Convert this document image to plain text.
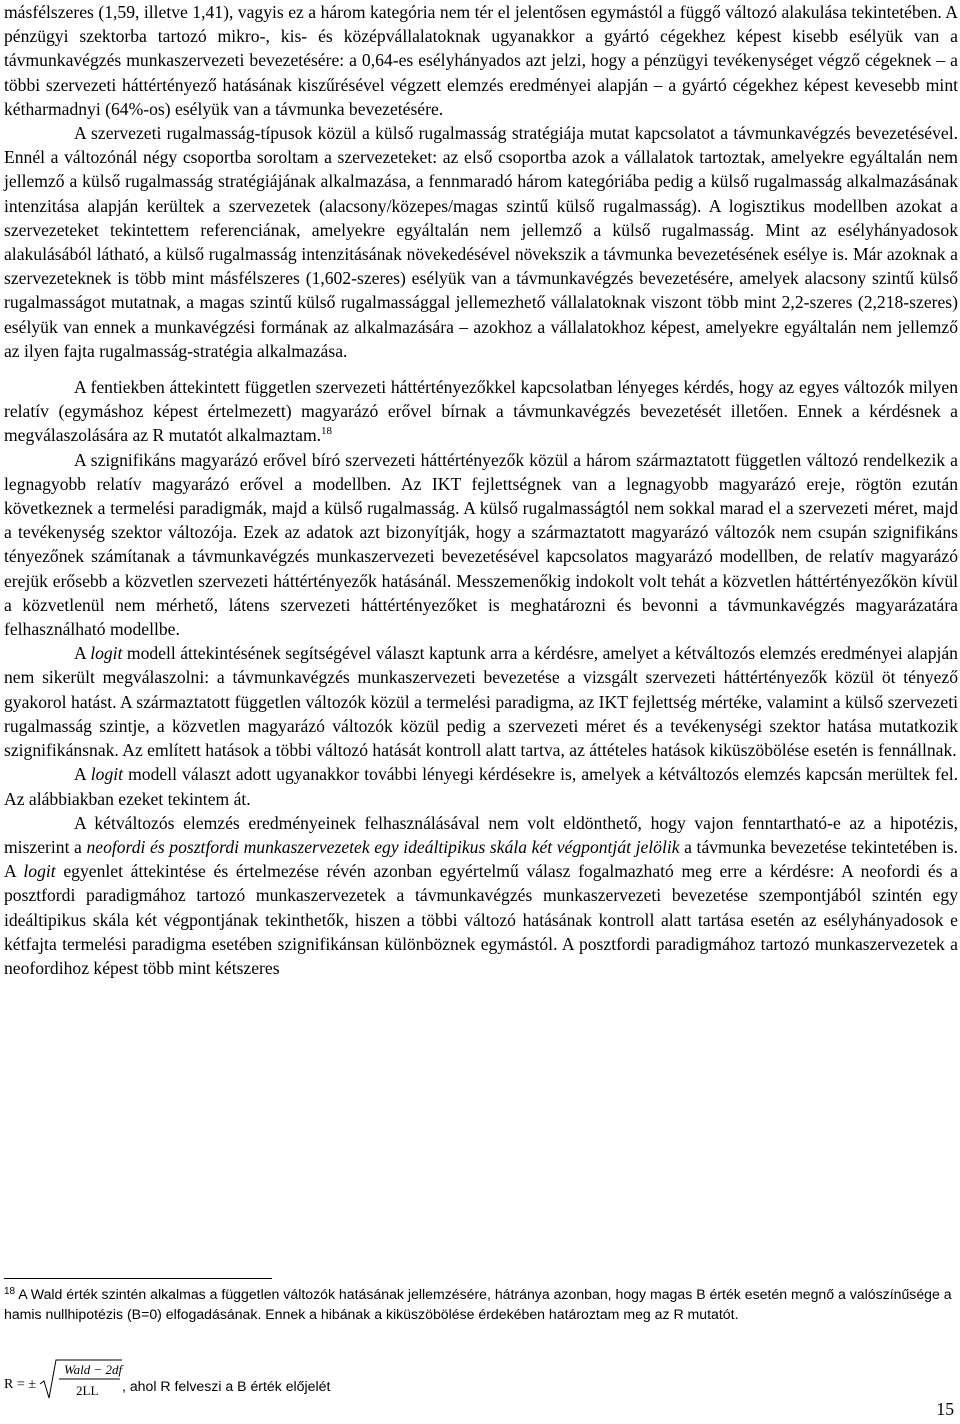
másfélszeres (1,59, illetve 1,41), vagyis ez a három kategória nem tér el jelentősen egymástól a függő változó alakulása tekintetében. A pénzügyi szektorba tartozó mikro-, kis- és középvállalatoknak ugyanakkor a gyártó cégekhez képest kisebb esélyük van a távmunkavégzés munkaszervezeti bevezetésére: a 0,64-es esélyhányados azt jelzi, hogy a pénzügyi tevékenységet végző cégeknek – a többi szervezeti háttértényező hatásának kiszűrésével végzett elemzés eredményei alapján – a gyártó cégekhez képest kevesebb mint kétharmadnyi (64%-os) esélyük van a távmunka bevezetésére.

A szervezeti rugalmasság-típusok közül a külső rugalmasság stratégiája mutat kapcsolatot a távmunkavégzés bevezetésével. Ennél a változónál négy csoportba soroltam a szervezeteket: az első csoportba azok a vállalatok tartoztak, amelyekre egyáltalán nem jellemző a külső rugalmasság stratégiájának alkalmazása, a fennmaradó három kategóriába pedig a külső rugalmasság alkalmazásának intenzitása alapján kerültek a szervezetek (alacsony/közepes/magas szintű külső rugalmasság). A logisztikus modellben azokat a szervezeteket tekintettem referenciának, amelyekre egyáltalán nem jellemző a külső rugalmasság. Mint az esélyhányadosok alakulásából látható, a külső rugalmasság intenzitásának növekedésével növekszik a távmunka bevezetésének esélye is. Már azoknak a szervezeteknek is több mint másfélszeres (1,602-szeres) esélyük van a távmunkavégzés bevezetésére, amelyek alacsony szintű külső rugalmasságot mutatnak, a magas szintű külső rugalmassággal jellemezhető vállalatoknak viszont több mint 2,2-szeres (2,218-szeres) esélyük van ennek a munkavégzési formának az alkalmazására – azokhoz a vállalatokhoz képest, amelyekre egyáltalán nem jellemző az ilyen fajta rugalmasság-stratégia alkalmazása.

A fentiekben áttekintett független szervezeti háttértényezőkkel kapcsolatban lényeges kérdés, hogy az egyes változók milyen relatív (egymáshoz képest értelmezett) magyarázó erővel bírnak a távmunkavégzés bevezetését illetően. Ennek a kérdésnek a megválaszolására az R mutatót alkalmaztam.$^{18}$

A szignifikáns magyarázó erővel bíró szervezeti háttértényezők közül a három származtatott független változó rendelkezik a legnagyobb relatív magyarázó erővel a modellben. Az IKT fejlettségnek van a legnagyobb magyarázó ereje, rögtön ezután következnek a termelési paradigmák, majd a külső rugalmasság. A külső rugalmasságtól nem sokkal marad el a szervezeti méret, majd a tevékenység szektor változója. Ezek az adatok azt bizonyítják, hogy a származtatott magyarázó változók nem csupán szignifikáns tényezőnek számítanak a távmunkavégzés munkaszervezeti bevezetésével kapcsolatos magyarázó modellben, de relatív magyarázó erejük erősebb a közvetlen szervezeti háttértényezők hatásánál. Messzemenőkig indokolt volt tehát a közvetlen háttértényezőkön kívül a közvetlenül nem mérhető, látens szervezeti háttértényezőket is meghatározni és bevonni a távmunkavégzés magyarázatára felhasználható modellbe.

A logit modell áttekintésének segítségével választ kaptunk arra a kérdésre, amelyet a kétváltozós elemzés eredményei alapján nem sikerült megválaszolni: a távmunkavégzés munkaszervezeti bevezetése a vizsgált szervezeti háttértényezők közül öt tényező gyakorol hatást. A származtatott független változók közül a termelési paradigma, az IKT fejlettség mértéke, valamint a külső szervezeti rugalmasság szintje, a közvetlen magyarázó változók közül pedig a szervezeti méret és a tevékenységi szektor hatása mutatkozik szignifikánsnak. Az említett hatások a többi változó hatását kontroll alatt tartva, az áttételes hatások kiküszöbölése esetén is fennállnak.

A logit modell választ adott ugyanakkor további lényegi kérdésekre is, amelyek a kétváltozós elemzés kapcsán merültek fel. Az alábbiakban ezeket tekintem át.

A kétváltozós elemzés eredményeinek felhasználásával nem volt eldönthető, hogy vajon fenntartható-e az a hipotézis, miszerint a neofordi és posztfordi munkaszervezetek egy ideáltipikus skála két végpontját jelölik a távmunka bevezetése tekintetében is. A logit egyenlet áttekintése és értelmezése révén azonban egyértelmű válasz fogalmazható meg erre a kérdésre: A neofordi és a posztfordi paradigmához tartozó munkaszervezetek a távmunkavégzés munkaszervezeti bevezetése szempontjából szintén egy ideáltipikus skála két végpontjának tekinthetők, hiszen a többi változó hatásának kontroll alatt tartása esetén az esélyhányadosok e kétfajta termelési paradigma esetében szignifikánsan különböznek egymástól. A posztfordi paradigmához tartozó munkaszervezetek a neofordihoz képest több mint kétszeres

$^{18}$ A Wald érték szintén alkalmas a független változók hatásának jellemzésére, hátránya azonban, hogy magas B érték esetén megnő a valószínűsége a hamis nullhipotézis (B=0) elfogadásának. Ennek a hibának a kiküszöbölése érdekében határoztam meg az R mutatót.

R = ±
Wald − 2df
2LL , ahol R felveszi a B érték előjelét
15
